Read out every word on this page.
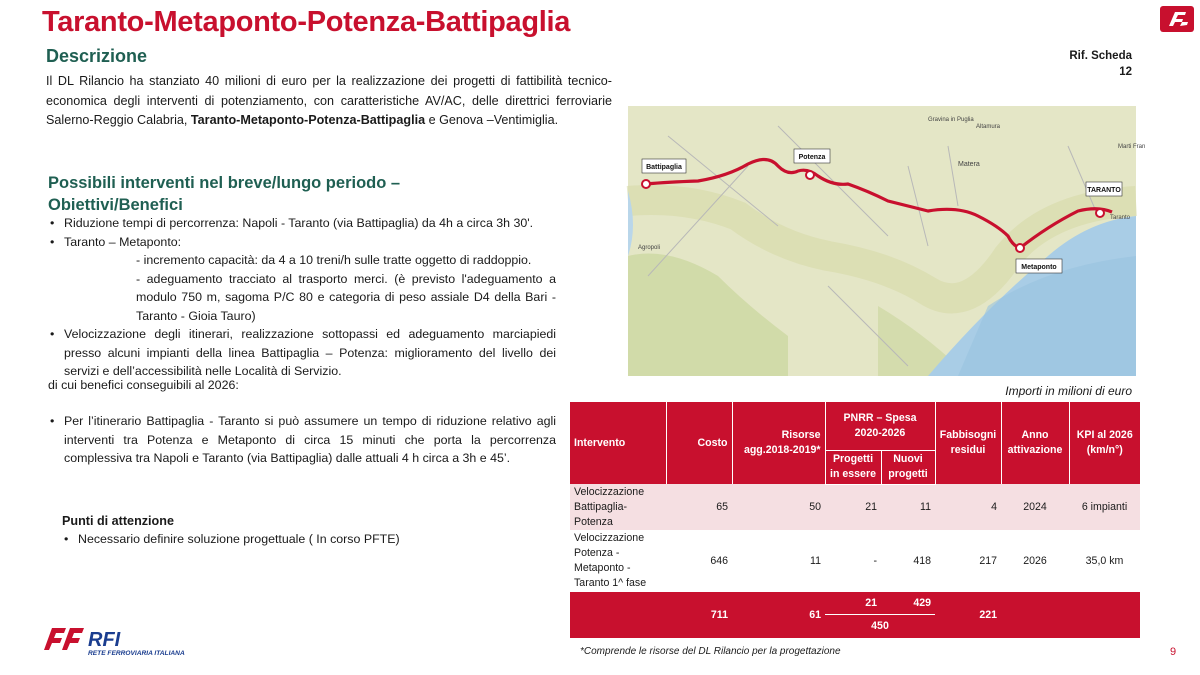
Taranto-Metaponto-Potenza-Battipaglia
Descrizione	Rif. Scheda
12
Il DL Rilancio ha stanziato 40 milioni di euro per la realizzazione dei progetti di fattibilità tecnico-economica degli interventi di potenziamento, con caratteristiche AV/AC, delle direttrici ferroviarie Salerno-Reggio Calabria, Taranto-Metaponto-Potenza-Battipaglia e Genova –Ventimiglia.
Possibili interventi nel breve/lungo periodo – Obiettivi/Benefici
• Riduzione tempi di percorrenza: Napoli - Taranto (via Battipaglia) da 4h a circa 3h 30'.
• Taranto – Metaponto:
- incremento capacità: da 4 a 10 treni/h sulle tratte oggetto di raddoppio.
- adeguamento tracciato al trasporto merci. (è previsto l'adeguamento a modulo 750 m, sagoma P/C 80 e categoria di peso assiale D4 della Bari - Taranto - Gioia Tauro)
• Velocizzazione degli itinerari, realizzazione sottopassi ed adeguamento marciapiedi presso alcuni impianti della linea Battipaglia – Potenza: miglioramento del livello dei servizi e dell’accessibilità nelle Località di Servizio.
di cui benefici conseguibili al 2026:
• Per l’itinerario Battipaglia - Taranto si può assumere un tempo di riduzione relativo agli interventi tra Potenza e Metaponto di circa 15 minuti che porta la percorrenza complessiva tra Napoli e Taranto (via Battipaglia) dalle attuali 4 h circa a 3h e 45’.
Punti di attenzione
• Necessario definire soluzione progettuale ( In corso PFTE)
Battipaglia
Potenza
TARANTO
Metaponto
Matera
Gravina in Puglia
Altamura
Taranto
Agropoli
Marti Fran
Importi in milioni di euro
Intervento	Costo	Risorse agg.2018-2019*	PNRR – Spesa 2020-2026		Fabbisogni residui	Anno attivazione	KPI al 2026 (km/n°)
			Progetti in essere	Nuovi progetti			
Velocizzazione Battipaglia-Potenza	65	50	21	11	4	2024	6 impianti
Velocizzazione Potenza - Metaponto - Taranto 1^ fase	646	11	-	418	217	2026	35,0 km
	711	61	21	429	221		
			450				
*Comprende le risorse del DL Rilancio per la progettazione
RFI
RETE FERROVIARIA ITALIANA	9
